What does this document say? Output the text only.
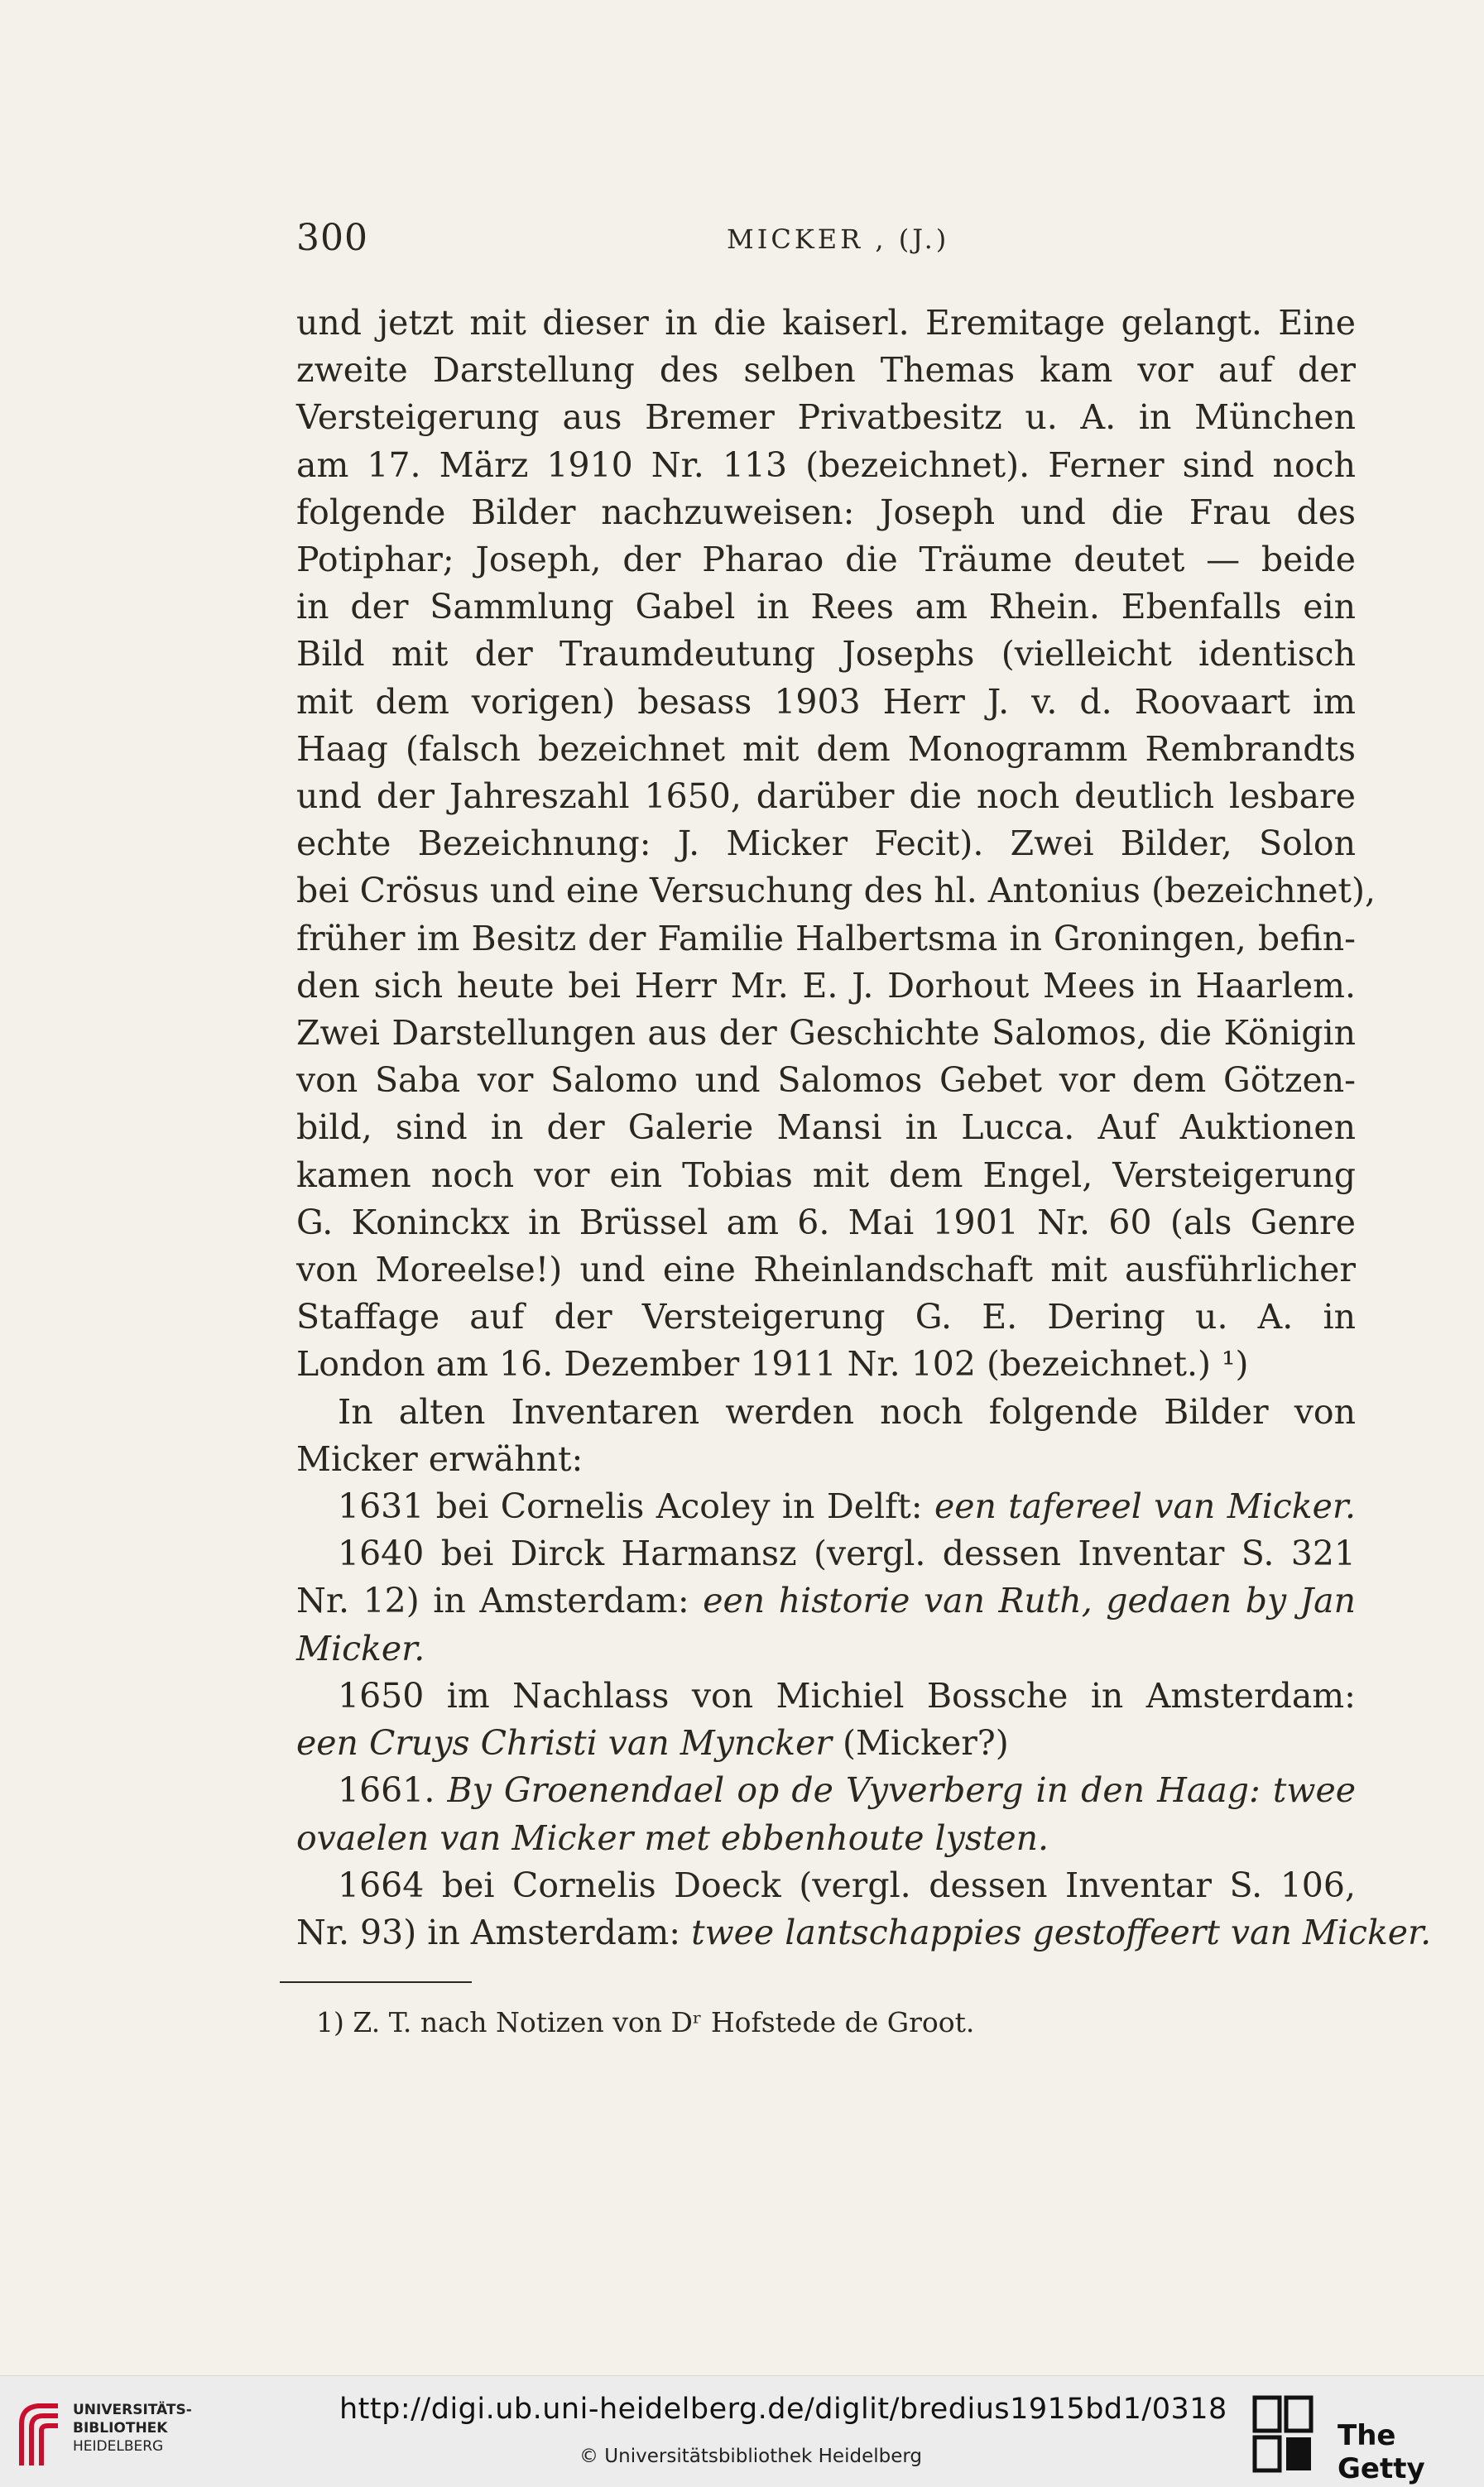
300	MICKER , (J.)
und jetzt mit dieser in die kaiserl. Eremitage gelangt. Eine
zweite Darstellung des selben Themas kam vor auf der
Versteigerung aus Bremer Privatbesitz u. A. in München
am 17. März 1910 Nr. 113 (bezeichnet). Ferner sind noch
folgende Bilder nachzuweisen: Joseph und die Frau des
Potiphar; Joseph, der Pharao die Träume deutet — beide
in der Sammlung Gabel in Rees am Rhein. Ebenfalls ein
Bild mit der Traumdeutung Josephs (vielleicht identisch
mit dem vorigen) besass 1903 Herr J. v. d. Roovaart im
Haag (falsch bezeichnet mit dem Monogramm Rembrandts
und der Jahreszahl 1650, darüber die noch deutlich lesbare
echte Bezeichnung: J. Micker Fecit). Zwei Bilder, Solon
bei Crösus und eine Versuchung des hl. Antonius (bezeichnet),
früher im Besitz der Familie Halbertsma in Groningen, befin-
den sich heute bei Herr Mr. E. J. Dorhout Mees in Haarlem.
Zwei Darstellungen aus der Geschichte Salomos, die Königin
von Saba vor Salomo und Salomos Gebet vor dem Götzen-
bild, sind in der Galerie Mansi in Lucca. Auf Auktionen
kamen noch vor ein Tobias mit dem Engel, Versteigerung
G. Koninckx in Brüssel am 6. Mai 1901 Nr. 60 (als Genre
von Moreelse!) und eine Rheinlandschaft mit ausführlicher
Staffage auf der Versteigerung G. E. Dering u. A. in
London am 16. Dezember 1911 Nr. 102 (bezeichnet.) ¹)
In alten Inventaren werden noch folgende Bilder von
Micker erwähnt:
1631 bei Cornelis Acoley in Delft: een tafereel van Micker.
1640 bei Dirck Harmansz (vergl. dessen Inventar S. 321
Nr. 12) in Amsterdam: een historie van Ruth, gedaen by Jan
Micker.
1650 im Nachlass von Michiel Bossche in Amsterdam:
een Cruys Christi van Myncker (Micker?)
1661. By Groenendael op de Vyverberg in den Haag: twee
ovaelen van Micker met ebbenhoute lysten.
1664 bei Cornelis Doeck (vergl. dessen Inventar S. 106,
Nr. 93) in Amsterdam: twee lantschappies gestoffeert van Micker.
1) Z. T. nach Notizen von Dʳ Hofstede de Groot.
UNIVERSITÄTS-
BIBLIOTHEK
HEIDELBERG
http://digi.ub.uni-heidelberg.de/diglit/bredius1915bd1/0318
© Universitätsbibliothek Heidelberg
The Getty
